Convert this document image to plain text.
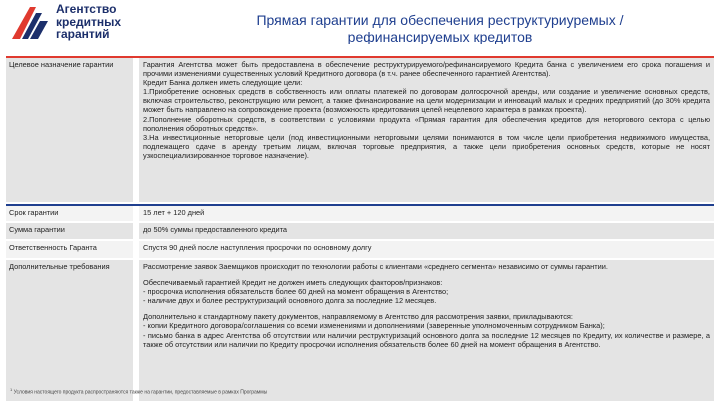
Агентство
кредитных
гарантий
Прямая гарантии для обеспечения реструктуриуремых /
рефинансируемых кредитов
Целевое назначение гарантии	Гарантия Агентства может быть предоставлена в обеспечение реструктурируемого/рефинансируемого Кредита банка с увеличением его срока погашения и прочими изменениями существенных условий Кредитного договора (в т.ч. ранее обеспеченного гарантией Агентства).

Кредит Банка должен иметь следующие цели:

1.Приобретение основных средств в собственность или оплаты платежей по договорам долгосрочной аренды, или создание и увеличение основных средств, включая строительство, реконструкцию или ремонт, а также финансирование на цели модернизации и инноваций малых и средних предприятий (до 30% кредита может быть направлено на сопровождение проекта (возможность кредитования целей нецелевого характера в рамках проекта).

2.Пополнение оборотных средств, в соответствии с условиями продукта «Прямая гарантия для обеспечения кредитов для неторгового сектора с целью пополнения оборотных средств».

3.На инвестиционные неторговые цели (под инвестиционными неторговыми целями понимаются в том числе цели приобретения недвижимого имущества, подлежащего сдаче в аренду третьим лицам, включая торговые предприятия, а также цели приобретения основных средств, которые не носят узкоспециализированное торговое назначение).

Срок гарантии	15 лет + 120 дней
Сумма гарантии	до 50% суммы предоставленного кредита
Ответственность Гаранта	Спустя 90 дней после наступления просрочки по основному долгу
Дополнительные требования	Рассмотрение заявок Заемщиков происходит по технологии работы с клиентами «среднего сегмента» независимо от суммы гарантии.

Обеспечиваемый гарантией Кредит не должен иметь следующих факторов/признаков:

- просрочка исполнения обязательств более 60 дней на момент обращения в Агентство;

- наличие двух и более реструктуризаций основного долга за последние 12 месяцев.

Дополнительно к стандартному пакету документов, направляемому в Агентство для рассмотрения заявки, прикладываются:

- копии Кредитного договора/соглашения со всеми изменениями и дополнениями (заверенные уполномоченным сотрудником Банка);

- письмо банка в адрес Агентства об отсутствии или наличии реструктуризаций основного долга за последние 12 месяцев по Кредиту, их количестве и размере, а также об отсутствии или наличии по Кредиту просрочки исполнения обязательств более 60 дней на момент обращения в Агентство.

$^1$ Условия настоящего продукта распространяются также на гарантии, предоставляемые в рамках Программы
